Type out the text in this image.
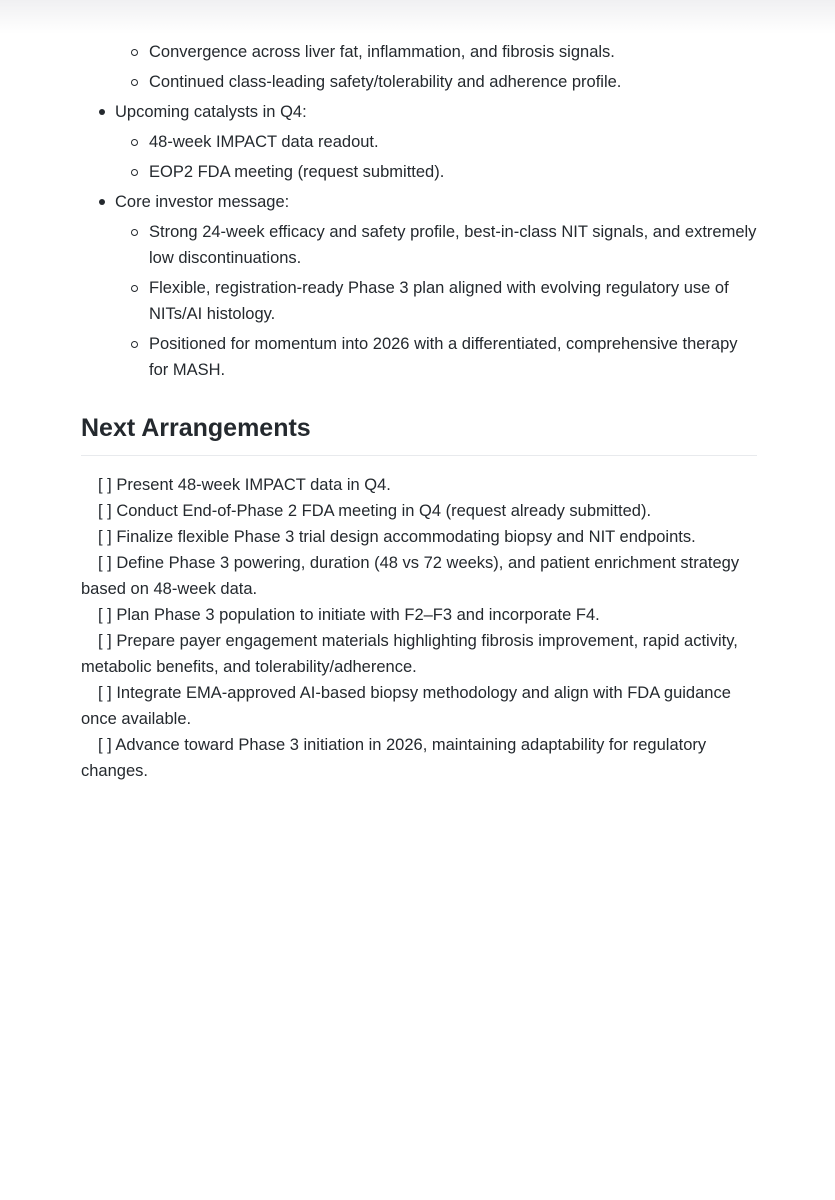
Convergence across liver fat, inflammation, and fibrosis signals.
Continued class-leading safety/tolerability and adherence profile.
Upcoming catalysts in Q4:
48-week IMPACT data readout.
EOP2 FDA meeting (request submitted).
Core investor message:
Strong 24-week efficacy and safety profile, best-in-class NIT signals, and extremely low discontinuations.
Flexible, registration-ready Phase 3 plan aligned with evolving regulatory use of NITs/AI histology.
Positioned for momentum into 2026 with a differentiated, comprehensive therapy for MASH.
Next Arrangements

[ ] Present 48-week IMPACT data in Q4.

[ ] Conduct End-of-Phase 2 FDA meeting in Q4 (request already submitted).

[ ] Finalize flexible Phase 3 trial design accommodating biopsy and NIT endpoints.

[ ] Define Phase 3 powering, duration (48 vs 72 weeks), and patient enrichment strategy based on 48-week data.

[ ] Plan Phase 3 population to initiate with F2–F3 and incorporate F4.

[ ] Prepare payer engagement materials highlighting fibrosis improvement, rapid activity, metabolic benefits, and tolerability/adherence.

[ ] Integrate EMA-approved AI-based biopsy methodology and align with FDA guidance once available.

[ ] Advance toward Phase 3 initiation in 2026, maintaining adaptability for regulatory changes.
